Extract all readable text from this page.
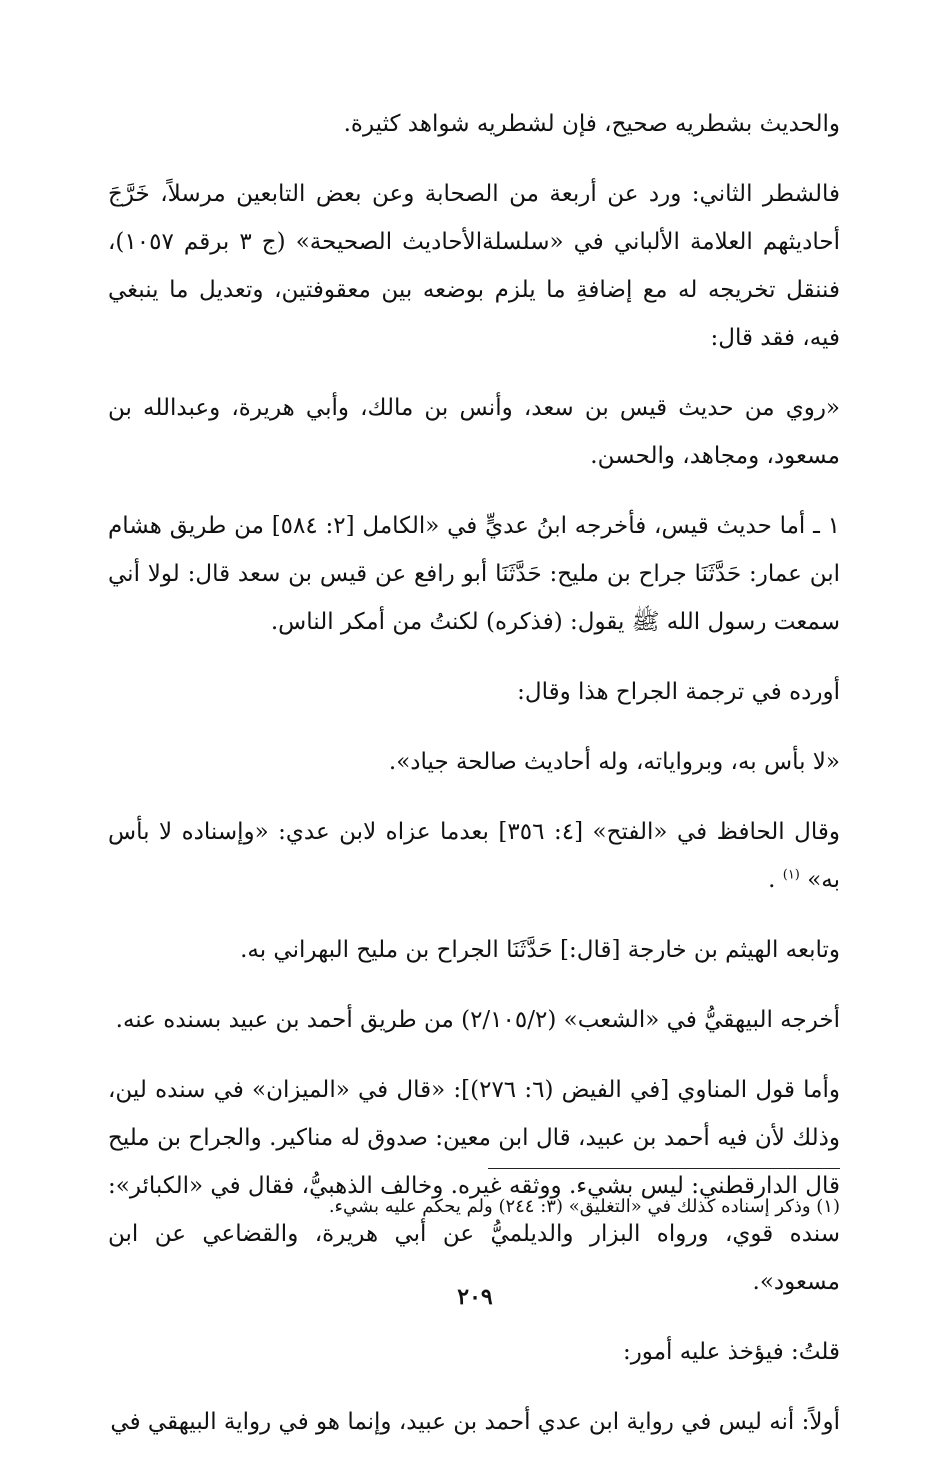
والحديث بشطريه صحيح، فإن لشطريه شواهد كثيرة.

فالشطر الثاني: ورد عن أربعة من الصحابة وعن بعض التابعين مرسلاً، خَرَّجَ أحاديثهم العلامة الألباني في «سلسلةالأحاديث الصحيحة» (ج ٣ برقم ١٠٥٧)، فننقل تخريجه له مع إضافةِ ما يلزم بوضعه بين معقوفتين، وتعديل ما ينبغي فيه، فقد قال:

«روي من حديث قيس بن سعد، وأنس بن مالك، وأبي هريرة، وعبدالله بن مسعود، ومجاهد، والحسن.

١ ـ أما حديث قيس، فأخرجه ابنُ عديٍّ في «الكامل [٢: ٥٨٤] من طريق هشام ابن عمار: حَدَّثَنَا جراح بن مليح: حَدَّثَنَا أبو رافع عن قيس بن سعد قال: لولا أني سمعت رسول الله ﷺ يقول: (فذكره) لكنتُ من أمكر الناس.

أورده في ترجمة الجراح هذا وقال:

«لا بأس به، وبرواياته، وله أحاديث صالحة جياد».

وقال الحافظ في «الفتح» [٤: ٣٥٦] بعدما عزاه لابن عدي: «وإسناده لا بأس به» $^{(١)}$ .

وتابعه الهيثم بن خارجة [قال:] حَدَّثَنَا الجراح بن مليح البهراني به.

أخرجه البيهقيُّ في «الشعب» (٢/١٠٥/٢) من طريق أحمد بن عبيد بسنده عنه.

وأما قول المناوي [في الفيض (٦: ٢٧٦)]: «قال في «الميزان» في سنده لين، وذلك لأن فيه أحمد بن عبيد، قال ابن معين: صدوق له مناكير. والجراح بن مليح قال الدارقطني: ليس بشيء. ووثقه غيره. وخالف الذهبيُّ، فقال في «الكبائر»: سنده قوي، ورواه البزار والديلميُّ عن أبي هريرة، والقضاعي عن ابن مسعود».

قلتُ: فيؤخذ عليه أمور:

أولاً: أنه ليس في رواية ابن عدي أحمد بن عبيد، وإنما هو في رواية البيهقي في

(١) وذكر إسناده كذلك في «التغليق» (٣: ٢٤٤) ولم يحكم عليه بشيء.
٢٠٩
